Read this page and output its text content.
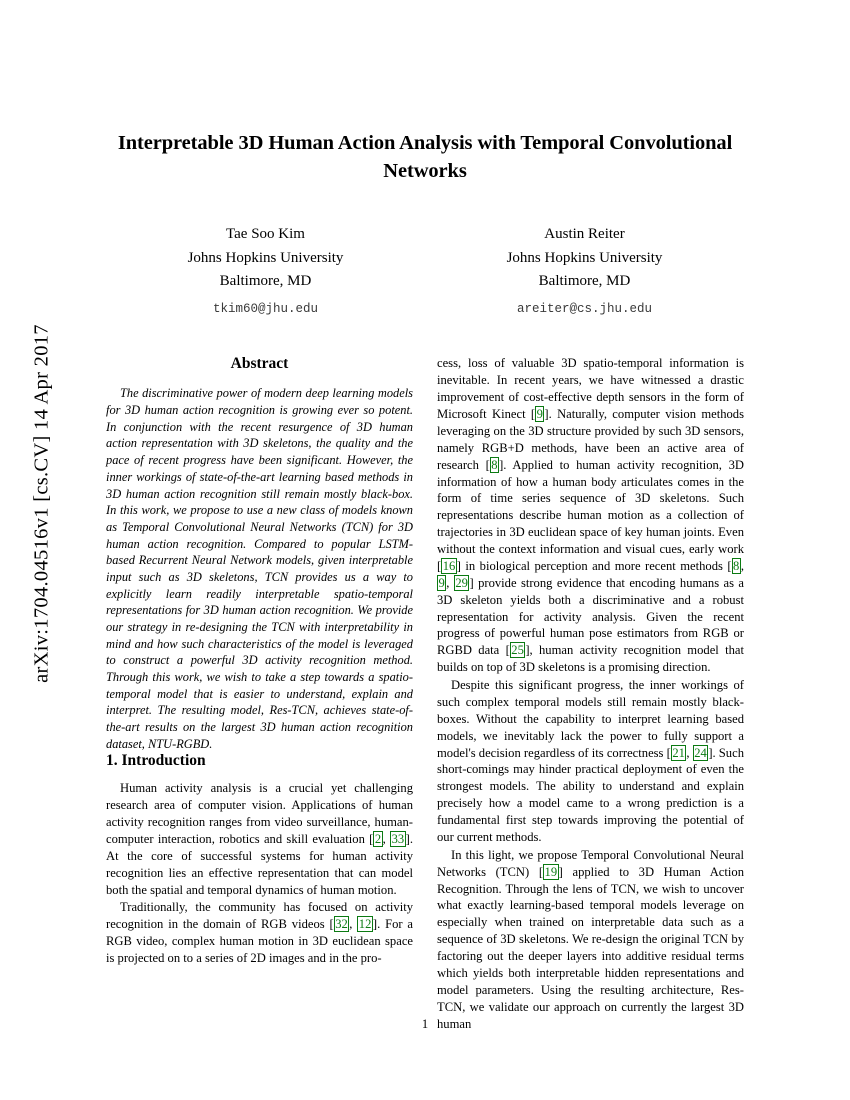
arXiv:1704.04516v1 [cs.CV] 14 Apr 2017
Interpretable 3D Human Action Analysis with Temporal Convolutional Networks
Tae Soo Kim
Johns Hopkins University
Baltimore, MD
tkim60@jhu.edu
Austin Reiter
Johns Hopkins University
Baltimore, MD
areiter@cs.jhu.edu
Abstract

The discriminative power of modern deep learning models for 3D human action recognition is growing ever so potent. In conjunction with the recent resurgence of 3D human action representation with 3D skeletons, the quality and the pace of recent progress have been significant. However, the inner workings of state-of-the-art learning based methods in 3D human action recognition still remain mostly black-box. In this work, we propose to use a new class of models known as Temporal Convolutional Neural Networks (TCN) for 3D human action recognition. Compared to popular LSTM-based Recurrent Neural Network models, given interpretable input such as 3D skeletons, TCN provides us a way to explicitly learn readily interpretable spatio-temporal representations for 3D human action recognition. We provide our strategy in re-designing the TCN with interpretability in mind and how such characteristics of the model is leveraged to construct a powerful 3D activity recognition method. Through this work, we wish to take a step towards a spatio-temporal model that is easier to understand, explain and interpret. The resulting model, Res-TCN, achieves state-of-the-art results on the largest 3D human action recognition dataset, NTU-RGBD.

1. Introduction

Human activity analysis is a crucial yet challenging research area of computer vision. Applications of human activity recognition ranges from video surveillance, human-computer interaction, robotics and skill evaluation [ 2 , 33 ]. At the core of successful systems for human activity recognition lies an effective representation that can model both the spatial and temporal dynamics of human motion.

Traditionally, the community has focused on activity recognition in the domain of RGB videos [ 32 , 12 ]. For a RGB video, complex human motion in 3D euclidean space is projected on to a series of 2D images and in the pro-

cess, loss of valuable 3D spatio-temporal information is inevitable. In recent years, we have witnessed a drastic improvement of cost-effective depth sensors in the form of Microsoft Kinect [ 9 ]. Naturally, computer vision methods leveraging on the 3D structure provided by such 3D sensors, namely RGB+D methods, have been an active area of research [ 8 ]. Applied to human activity recognition, 3D information of how a human body articulates comes in the form of time series sequence of 3D skeletons. Such representations describe human motion as a collection of trajectories in 3D euclidean space of key human joints. Even without the context information and visual cues, early work [ 16 ] in biological perception and more recent methods [ 8 , 9 , 29 ] provide strong evidence that encoding humans as a 3D skeleton yields both a discriminative and a robust representation for activity analysis. Given the recent progress of powerful human pose estimators from RGB or RGBD data [ 25 ], human activity recognition model that builds on top of 3D skeletons is a promising direction.

Despite this significant progress, the inner workings of such complex temporal models still remain mostly black-boxes. Without the capability to interpret learning based models, we inevitably lack the power to fully support a model's decision regardless of its correctness [ 21 , 24 ]. Such short-comings may hinder practical deployment of even the strongest models. The ability to understand and explain precisely how a model came to a wrong prediction is a fundamental first step towards improving the potential of our current methods.

In this light, we propose Temporal Convolutional Neural Networks (TCN) [ 19 ] applied to 3D Human Action Recognition. Through the lens of TCN, we wish to uncover what exactly learning-based temporal models leverage on especially when trained on interpretable data such as a sequence of 3D skeletons. We re-design the original TCN by factoring out the deeper layers into additive residual terms which yields both interpretable hidden representations and model parameters. Using the resulting architecture, Res-TCN, we validate our approach on currently the largest 3D human

1
